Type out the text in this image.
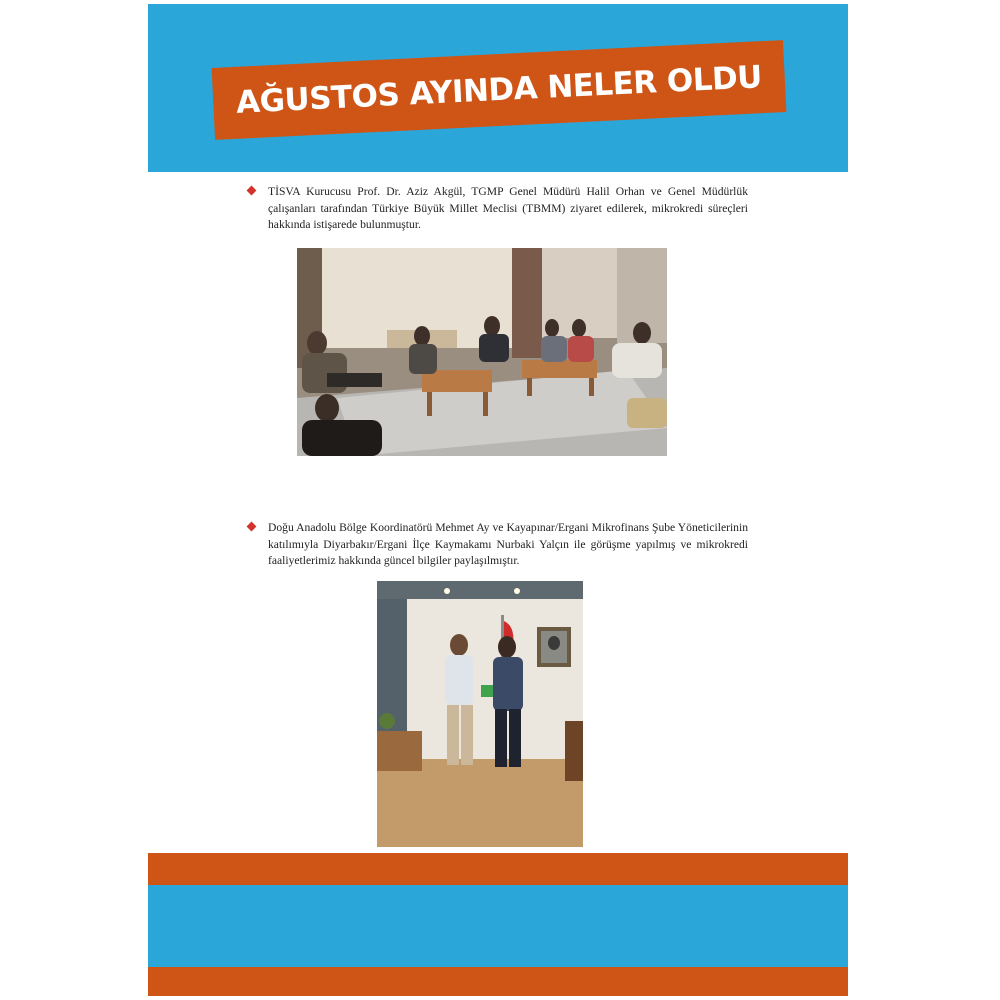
AĞUSTOS AYINDA NELER OLDU

TİSVA Kurucusu Prof. Dr. Aziz Akgül, TGMP Genel Müdürü Halil Orhan ve Genel Müdürlük çalışanları tarafından Türkiye Büyük Millet Meclisi (TBMM) ziyaret edilerek, mikrokredi süreçleri hakkında istişarede bulunmuştur.

Doğu Anadolu Bölge Koordinatörü Mehmet Ay ve Kayapınar/Ergani Mikrofinans Şube Yöneticilerinin katılımıyla Diyarbakır/Ergani İlçe Kaymakamı Nurbaki Yalçın ile görüşme yapılmış ve mikrokredi faaliyetlerimiz hakkında güncel bilgiler paylaşılmıştır.
